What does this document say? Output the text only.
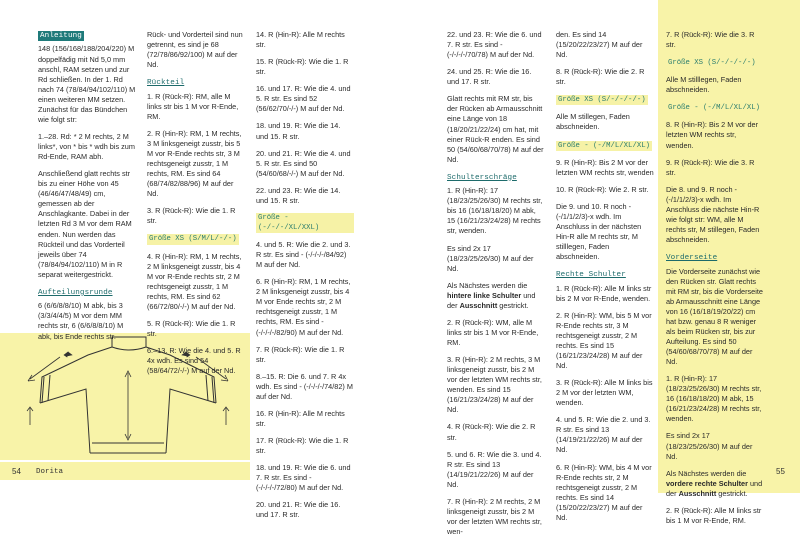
Anleitung

148 (156/168/188/204/220) M doppelfädig mit Nd 5,0 mm anschl, RAM setzen und zur Rd schließen. In der 1. Rd nach 74 (78/84/94/102/110) M einen weiteren MM setzen. Zunächst für das Bündchen wie folgt str:

1.–28. Rd: * 2 M rechts, 2 M links*, von * bis * wdh bis zum Rd-Ende, RAM abh.

Anschließend glatt rechts str bis zu einer Höhe von 45 (46/46/47/48/49) cm, gemessen ab der Anschlagkante. Dabei in der letzten Rd 3 M vor dem RAM enden. Nun werden das Rückteil und das Vorderteil jeweils über 74 (78/84/94/102/110) M in R separat weitergestrickt.

Aufteilungsrunde

6 (6/6/8/8/10) M abk, bis 3 (3/3/4/4/5) M vor dem MM rechts str, 6 (6/6/8/8/10) M abk, bis Ende rechts str.

Rück- und Vorderteil sind nun getrennt, es sind je 68 (72/78/86/92/100) M auf der Nd.

Rückteil

1. R (Rück-R): RM, alle M links str bis 1 M vor R-Ende, RM.

2. R (Hin-R): RM, 1 M rechts, 3 M linksgeneigt zusstr, bis 5 M vor R-Ende rechts str, 3 M rechtsgeneigt zusstr, 1 M rechts, RM. Es sind 64 (68/74/82/88/96) M auf der Nd.

3. R (Rück-R): Wie die 1. R str.

Größe XS (S/M/L/-/-)

4. R (Hin-R): RM, 1 M rechts, 2 M linksgeneigt zusstr, bis 4 M vor R-Ende rechts str, 2 M rechtsgeneigt zusstr, 1 M rechts, RM. Es sind 62 (66/72/80/-/-) M auf der Nd.

5. R (Rück-R): Wie die 1. R str.

6.–13. R: Wie die 4. und 5. R 4x wdh. Es sind 54 (58/64/72/-/-) M auf der Nd.

14. R (Hin-R): Alle M rechts str.

15. R (Rück-R): Wie die 1. R str.

16. und 17. R: Wie die 4. und 5. R str. Es sind 52 (56/62/70/-/-) M auf der Nd.

18. und 19. R: Wie die 14. und 15. R str.

20. und 21. R: Wie die 4. und 5. R str. Es sind 50 (54/60/68/-/-) M auf der Nd.

22. und 23. R: Wie die 14. und 15. R str.

Größe - (-/-/-/XL/XXL)

4. und 5. R: Wie die 2. und 3. R str. Es sind - (-/-/-/-/84/92) M auf der Nd.

6. R (Hin-R): RM, 1 M rechts, 2 M linksgeneigt zusstr, bis 4 M vor Ende rechts str, 2 M rechtsgeneigt zusstr, 1 M rechts, RM. Es sind - (-/-/-/-/82/90) M auf der Nd.

7. R (Rück-R): Wie die 1. R str.

8.–15. R: Die 6. und 7. R 4x wdh. Es sind - (-/-/-/-/74/82) M auf der Nd.

16. R (Hin-R): Alle M rechts str.

17. R (Rück-R): Wie die 1. R str.

18. und 19. R: Wie die 6. und 7. R str. Es sind - (-/-/-/-/72/80) M auf der Nd.

20. und 21. R: Wie die 16. und 17. R str.

22. und 23. R: Wie die 6. und 7. R str. Es sind - (-/-/-/-/70/78) M auf der Nd.

24. und 25. R: Wie die 16. und 17. R str.

Glatt rechts mit RM str, bis der Rücken ab Armausschnitt eine Länge von 18 (18/20/21/22/24) cm hat, mit einer Rück-R enden. Es sind 50 (54/60/68/70/78) M auf der Nd.

Schulterschräge

1. R (Hin-R): 17 (18/23/25/26/30) M rechts str, bis 16 (16/18/18/20) M abk, 15 (16/21/23/24/28) M rechts str, wenden.

Es sind 2x 17 (18/23/25/26/30) M auf der Nd.

Als Nächstes werden die hintere linke Schulter und der Ausschnitt gestrickt.

2. R (Rück-R): WM, alle M links str bis 1 M vor R-Ende, RM.

3. R (Hin-R): 2 M rechts, 3 M linksgeneigt zusstr, bis 2 M vor der letzten WM rechts str, wenden. Es sind 15 (16/21/23/24/28) M auf der Nd.

4. R (Rück-R): Wie die 2. R str.

5. und 6. R: Wie die 3. und 4. R str. Es sind 13 (14/19/21/22/26) M auf der Nd.

7. R (Hin-R): 2 M rechts, 2 M linksgeneigt zusstr, bis 2 M vor der letzten WM rechts str, wen-

den. Es sind 14 (15/20/22/23/27) M auf der Nd.

8. R (Rück-R): Wie die 2. R str.

Größe XS (S/-/-/-/-)

Alle M stillegen, Faden abschneiden.

Größe - (-/M/L/XL/XL)

9. R (Hin-R): Bis 2 M vor der letzten WM rechts str, wenden

10. R (Rück-R): Wie 2. R str.

Die 9. und 10. R noch - (-/1/1/2/3)-x wdh. Im Anschluss in der nächsten Hin-R alle M rechts str, M stilllegen, Faden abschneiden.

Rechte Schulter

1. R (Rück-R): Alle M links str bis 2 M vor R-Ende, wenden.

2. R (Hin-R): WM, bis 5 M vor R-Ende rechts str, 3 M rechtsgeneigt zusstr, 2 M rechts. Es sind 15 (16/21/23/24/28) M auf der Nd.

3. R (Rück-R): Alle M links bis 2 M vor der letzten WM, wenden.

4. und 5. R: Wie die 2. und 3. R str. Es sind 13 (14/19/21/22/26) M auf der Nd.

6. R (Hin-R): WM, bis 4 M vor R-Ende rechts str, 2 M rechtsgeneigt zusstr, 2 M rechts. Es sind 14 (15/20/22/23/27) M auf der Nd.

7. R (Rück-R): Wie die 3. R str.

Größe XS (S/-/-/-/-)

Alle M stilllegen, Faden abschneiden.

Größe - (-/M/L/XL/XL)

8. R (Hin-R): Bis 2 M vor der letzten WM rechts str, wenden.

9. R (Rück-R): Wie die 3. R str.

Die 8. und 9. R noch - (-/1/1/2/3)-x wdh. Im Anschluss die nächste Hin-R wie folgt str: WM, alle M rechts str, M stillegen, Faden abschneiden.

Vorderseite

Die Vorderseite zunächst wie den Rücken str. Glatt rechts mit RM str, bis die Vorderseite ab Armausschnitt eine Länge von 16 (16/18/19/20/22) cm hat bzw. genau 8 R weniger als beim Rücken str, bis zur Aufteilung. Es sind 50 (54/60/68/70/78) M auf der Nd.

1. R (Hin-R): 17 (18/23/25/26/30) M rechts str, 16 (16/18/18/20) M abk, 15 (16/21/23/24/28) M rechts str, wenden.

Es sind 2x 17 (18/23/25/26/30) M auf der Nd.

Als Nächstes werden die vordere rechte Schulter und der Ausschnitt gestrickt.

2. R (Rück-R): Alle M links str bis 1 M vor R-Ende, RM.

54 Dorita	55
